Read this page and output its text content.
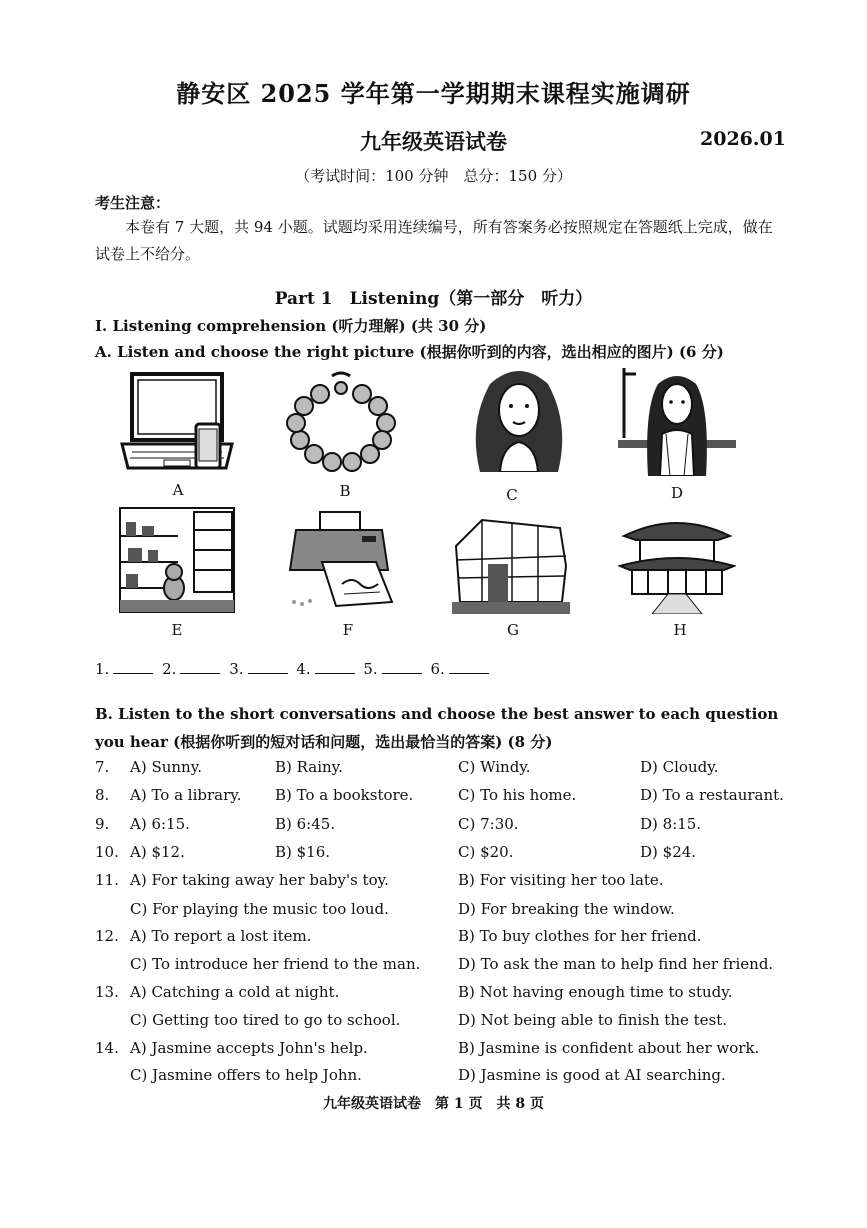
静安区 2025 学年第一学期期末课程实施调研
九年级英语试卷	2026.01
（考试时间：100 分钟　总分：150 分）
考生注意：
本卷有 7 大题，共 94 小题。试题均采用连续编号，所有答案务必按照规定在答题纸上完成，做在试卷上不给分。
Part 1　Listening（第一部分　听力）
I. Listening comprehension (听力理解) (共 30 分)
A. Listen and choose the right picture (根据你听到的内容，选出相应的图片) (6 分)
A	B	C	D
E	F	G	H
1.	2.	3.	4.	5.	6.
B. Listen to the short conversations and choose the best answer to each question you hear (根据你听到的短对话和问题，选出最恰当的答案) (8 分)
7. A) Sunny.	B) Rainy.	C) Windy.	D) Cloudy.
8. A) To a library. B) To a bookstore.	C) To his home.	D) To a restaurant.
9. A) 6:15.	B) 6:45.	C) 7:30.	D) 8:15.
10. A) $12.	B) $16.	C) $20.	D) $24.
11. A) For taking away her baby's toy.	B) For visiting her too late.
C) For playing the music too loud.	D) For breaking the window.
12. A) To report a lost item.	B) To buy clothes for her friend.
C) To introduce her friend to the man.	D) To ask the man to help find her friend.
13. A) Catching a cold at night.	B) Not having enough time to study.
C) Getting too tired to go to school.	D) Not being able to finish the test.
14. A) Jasmine accepts John's help.	B) Jasmine is confident about her work.
C) Jasmine offers to help John.	D) Jasmine is good at AI searching.
九年级英语试卷　第 1 页　共 8 页
